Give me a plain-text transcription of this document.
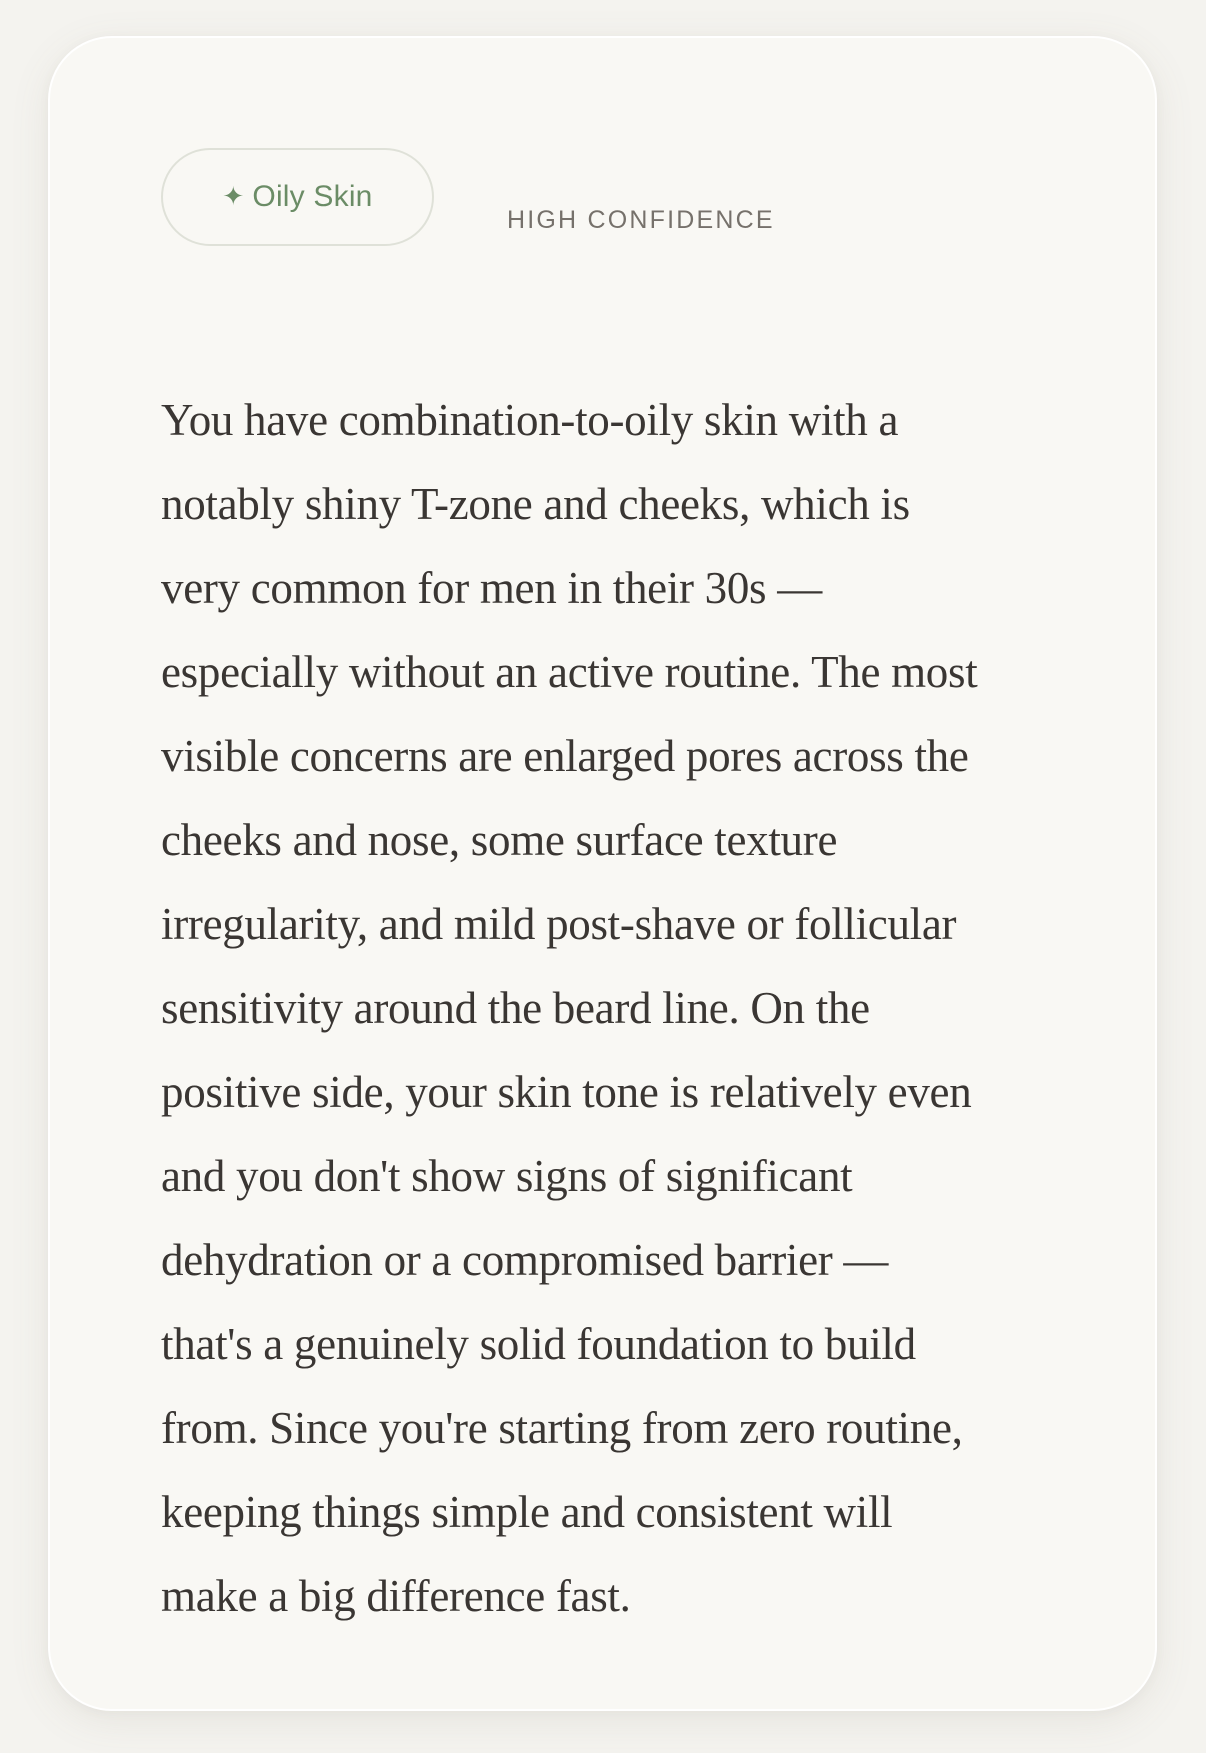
✦ Oily Skin
HIGH CONFIDENCE

You have combination-to-oily skin with a
notably shiny T-zone and cheeks, which is
very common for men in their 30s —
especially without an active routine. The most
visible concerns are enlarged pores across the
cheeks and nose, some surface texture
irregularity, and mild post-shave or follicular
sensitivity around the beard line. On the
positive side, your skin tone is relatively even
and you don't show signs of significant
dehydration or a compromised barrier —
that's a genuinely solid foundation to build
from. Since you're starting from zero routine,
keeping things simple and consistent will
make a big difference fast.
